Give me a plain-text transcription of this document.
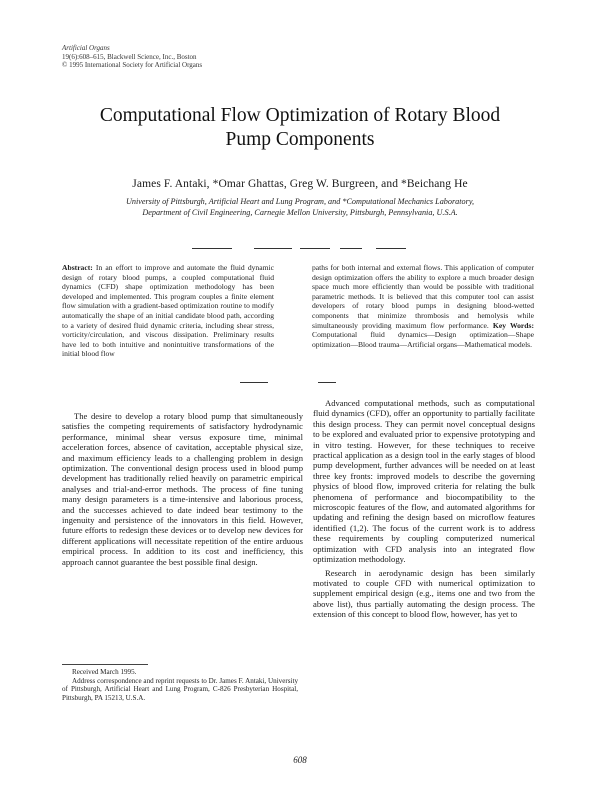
Artificial Organs
19(6):608–615, Blackwell Science, Inc., Boston
© 1995 International Society for Artificial Organs
Computational Flow Optimization of Rotary Blood
Pump Components
James F. Antaki, *Omar Ghattas, Greg W. Burgreen, and *Beichang He
University of Pittsburgh, Artificial Heart and Lung Program, and *Computational Mechanics Laboratory,
Department of Civil Engineering, Carnegie Mellon University, Pittsburgh, Pennsylvania, U.S.A.
Abstract: In an effort to improve and automate the fluid dynamic design of rotary blood pumps, a coupled computational fluid dynamics (CFD) shape optimization methodology has been developed and implemented. This program couples a finite element flow simulation with a gradient-based optimization routine to modify automatically the shape of an initial candidate blood path, according to a variety of desired fluid dynamic criteria, including shear stress, vorticity/circulation, and viscous dissipation. Preliminary results have led to both intuitive and nonintuitive transformations of the initial blood flow
paths for both internal and external flows. This application of computer design optimization offers the ability to explore a much broader design space much more efficiently than would be possible with traditional parametric methods. It is believed that this computer tool can assist developers of rotary blood pumps in designing blood-wetted components that minimize thrombosis and hemolysis while simultaneously providing maximum flow performance. Key Words: Computational fluid dynamics—Design optimization—Shape optimization—Blood trauma—Artificial organs—Mathematical models.

The desire to develop a rotary blood pump that simultaneously satisfies the competing requirements of satisfactory hydrodynamic performance, minimal shear versus exposure time, minimal acceleration forces, absence of cavitation, acceptable physical size, and maximum efficiency leads to a challenging problem in design optimization. The conventional design process used in blood pump development has traditionally relied heavily on parametric empirical analyses and trial-and-error methods. The process of fine tuning many design parameters is a time-intensive and laborious process, and the successes achieved to date indeed bear testimony to the ingenuity and persistence of the innovators in this field. However, future efforts to redesign these devices or to develop new devices for different applications will necessitate repetition of the entire arduous empirical process. In addition to its cost and inefficiency, this approach cannot guarantee the best possible final design.

Advanced computational methods, such as computational fluid dynamics (CFD), offer an opportunity to partially facilitate this design process. They can permit novel conceptual designs to be explored and evaluated prior to expensive prototyping and in vitro testing. However, for these techniques to receive practical application as a design tool in the early stages of blood pump development, further advances will be needed on at least three key fronts: improved models to describe the governing physics of blood flow, improved criteria for relating the bulk phenomena of performance and biocompatibility to the microscopic features of the flow, and automated algorithms for updating and refining the design based on microflow features identified (1,2). The focus of the current work is to address these requirements by coupling computerized numerical optimization with CFD analysis into an integrated flow optimization methodology.

Research in aerodynamic design has been similarly motivated to couple CFD with numerical optimization to supplement empirical design (e.g., items one and two from the above list), thus partially automating the design process. The extension of this concept to blood flow, however, has yet to

Received March 1995.

Address correspondence and reprint requests to Dr. James F. Antaki, University of Pittsburgh, Artificial Heart and Lung Program, C-826 Presbyterian Hospital, Pittsburgh, PA 15213, U.S.A.

608
